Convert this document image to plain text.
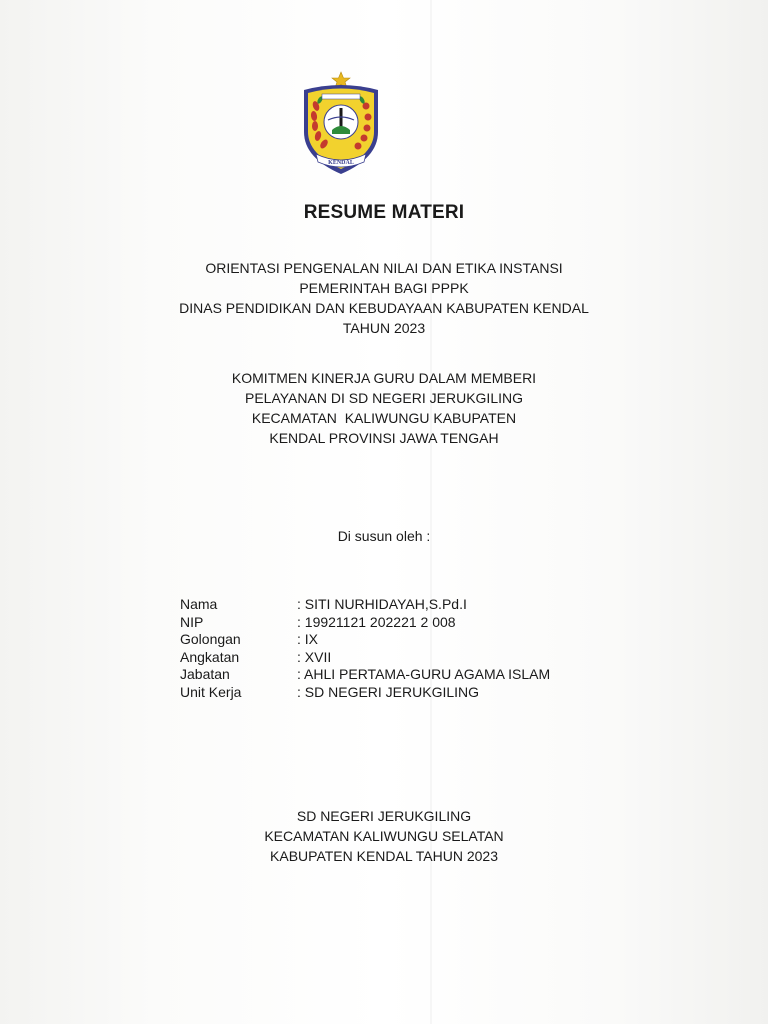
KENDAL
RESUME MATERI
ORIENTASI PENGENALAN NILAI DAN ETIKA INSTANSI
PEMERINTAH BAGI PPPK
DINAS PENDIDIKAN DAN KEBUDAYAAN KABUPATEN KENDAL
TAHUN 2023
KOMITMEN KINERJA GURU DALAM MEMBERI
PELAYANAN DI SD NEGERI JERUKGILING
KECAMATAN  KALIWUNGU KABUPATEN
KENDAL PROVINSI JAWA TENGAH
Di susun oleh :
Nama	: SITI NURHIDAYAH,S.Pd.I
NIP	: 19921121 202221 2 008
Golongan	: IX
Angkatan	: XVII
Jabatan	: AHLI PERTAMA-GURU AGAMA ISLAM
Unit Kerja	: SD NEGERI JERUKGILING
SD NEGERI JERUKGILING
KECAMATAN KALIWUNGU SELATAN
KABUPATEN KENDAL TAHUN 2023
